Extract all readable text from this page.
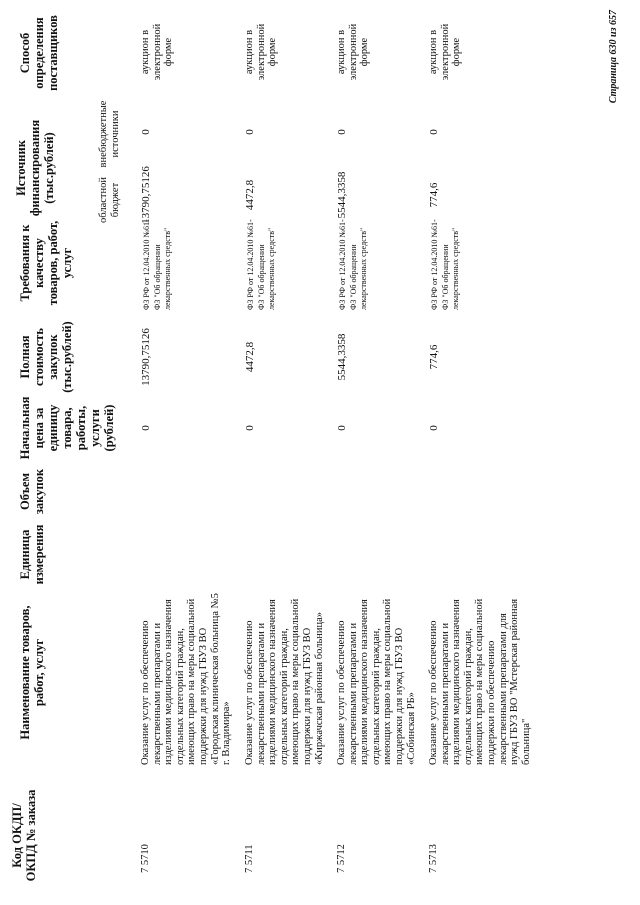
Код ОКДП/ ОКПД № заказа
Наименование товаров, работ, услуг
Единица измерения
Объем закупок
Начальная цена за единицу товара, работы, услуги (рублей)
Полная стоимость закупок (тыс.рублей)
Требования к качеству товаров, работ, услуг
Источник финансирования (тыс.рублей)	областной бюджет
внебюджетные источники
Способ определения поставщиков
7 5710
Оказание услуг по обеспечению лекарственными препаратами и изделиями медицинского назначения отдельных категорий граждан, имеющих право на меры социальной поддержки для нужд ГБУЗ ВО «Городская клиническая больница №5 г. Владимира»
0
13790,75126
ФЗ РФ от 12.04.2010 №61-ФЗ "Об обращении лекарственных средств"
13790,75126
0
аукцион в электронной форме
7 5711
Оказание услуг по обеспечению лекарственными препаратами и изделиями медицинского назначения отдельных категорий граждан, имеющих право на меры социальной поддержки для нужд ГБУЗ ВО «Киржачская районная больница»
0
4472,8
ФЗ РФ от 12.04.2010 №61-ФЗ "Об обращении лекарственных средств"
4472,8
0
аукцион в электронной форме
7 5712
Оказание услуг по обеспечению лекарственными препаратами и изделиями медицинского назначения отдельных категорий граждан, имеющих право на меры социальной поддержки для нужд ГБУЗ ВО «Собинская РБ»
0
5544,3358
ФЗ РФ от 12.04.2010 №61-ФЗ "Об обращении лекарственных средств"
5544,3358
0
аукцион в электронной форме
7 5713
Оказание услуг по обеспечению лекарственными препаратами и изделиями медицинского назначения отдельных категорий граждан, имеющих право на меры социальной поддержки по обеспечению лекарственными препаратами для нужд ГБУЗ ВО "Мстерская районная больница"
0
774,6
ФЗ РФ от 12.04.2010 №61-ФЗ "Об обращении лекарственных средств"
774,6
0
аукцион в электронной форме	Страница 630 из 657
